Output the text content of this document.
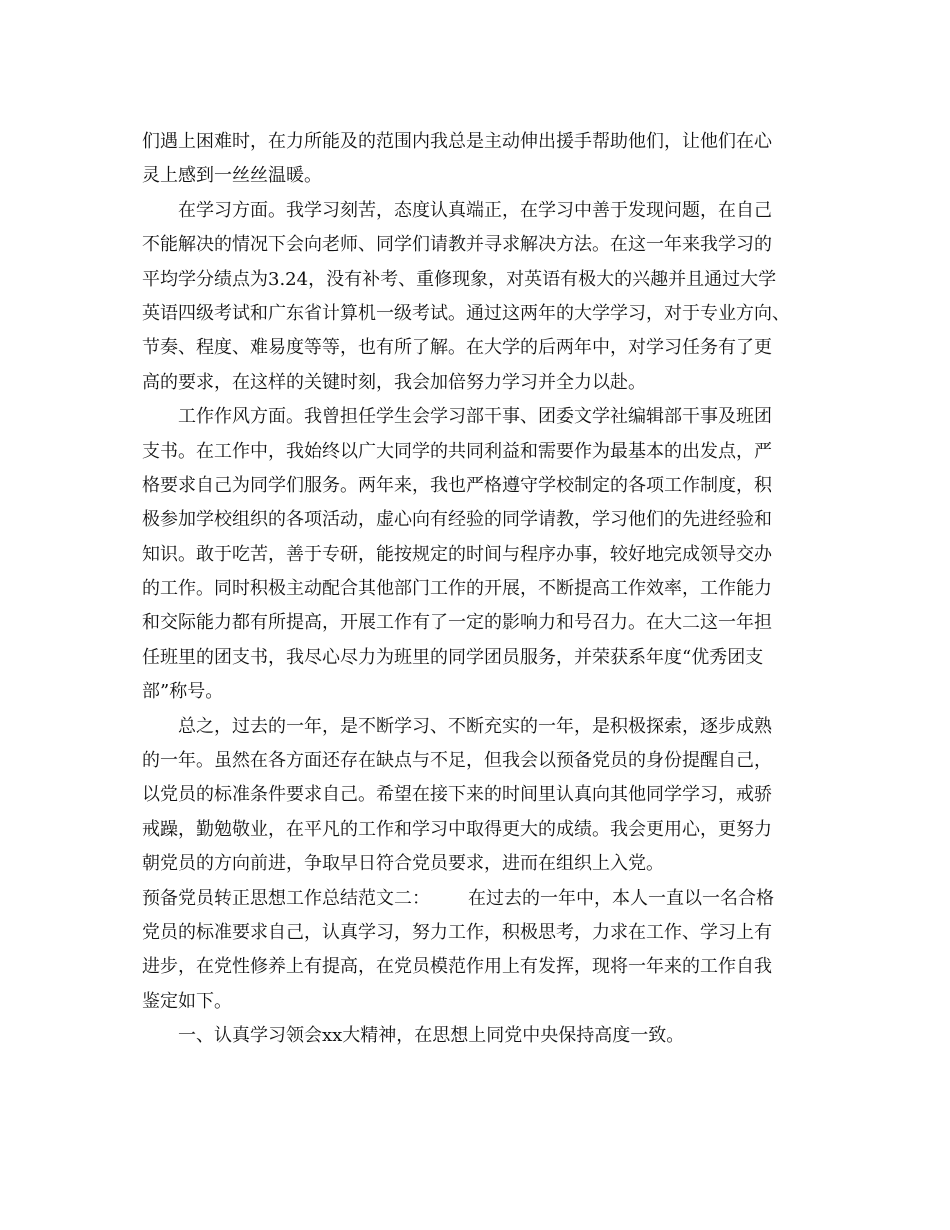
们遇上困难时，在力所能及的范围内我总是主动伸出援手帮助他们，让他们在心
灵上感到一丝丝温暖。
在学习方面。我学习刻苦，态度认真端正，在学习中善于发现问题，在自己
不能解决的情况下会向老师、同学们请教并寻求解决方法。在这一年来我学习的
平均学分绩点为3.24，没有补考、重修现象，对英语有极大的兴趣并且通过大学
英语四级考试和广东省计算机一级考试。通过这两年的大学学习，对于专业方向、
节奏、程度、难易度等等，也有所了解。在大学的后两年中，对学习任务有了更
高的要求，在这样的关键时刻，我会加倍努力学习并全力以赴。
工作作风方面。我曾担任学生会学习部干事、团委文学社编辑部干事及班团
支书。在工作中，我始终以广大同学的共同利益和需要作为最基本的出发点，严
格要求自己为同学们服务。两年来，我也严格遵守学校制定的各项工作制度，积
极参加学校组织的各项活动，虚心向有经验的同学请教，学习他们的先进经验和
知识。敢于吃苦，善于专研，能按规定的时间与程序办事，较好地完成领导交办
的工作。同时积极主动配合其他部门工作的开展，不断提高工作效率，工作能力
和交际能力都有所提高，开展工作有了一定的影响力和号召力。在大二这一年担
任班里的团支书，我尽心尽力为班里的同学团员服务，并荣获系年度“优秀团支
部”称号。
总之，过去的一年，是不断学习、不断充实的一年，是积极探索，逐步成熟
的一年。虽然在各方面还存在缺点与不足，但我会以预备党员的身份提醒自己，
以党员的标准条件要求自己。希望在接下来的时间里认真向其他同学学习，戒骄
戒躁，勤勉敬业，在平凡的工作和学习中取得更大的成绩。我会更用心，更努力
朝党员的方向前进，争取早日符合党员要求，进而在组织上入党。
预备党员转正思想工作总结范文二： 在过去的一年中，本人一直以一名合格
党员的标准要求自己，认真学习，努力工作，积极思考，力求在工作、学习上有
进步，在党性修养上有提高，在党员模范作用上有发挥，现将一年来的工作自我
鉴定如下。
一、认真学习领会xx大精神，在思想上同党中央保持高度一致。
